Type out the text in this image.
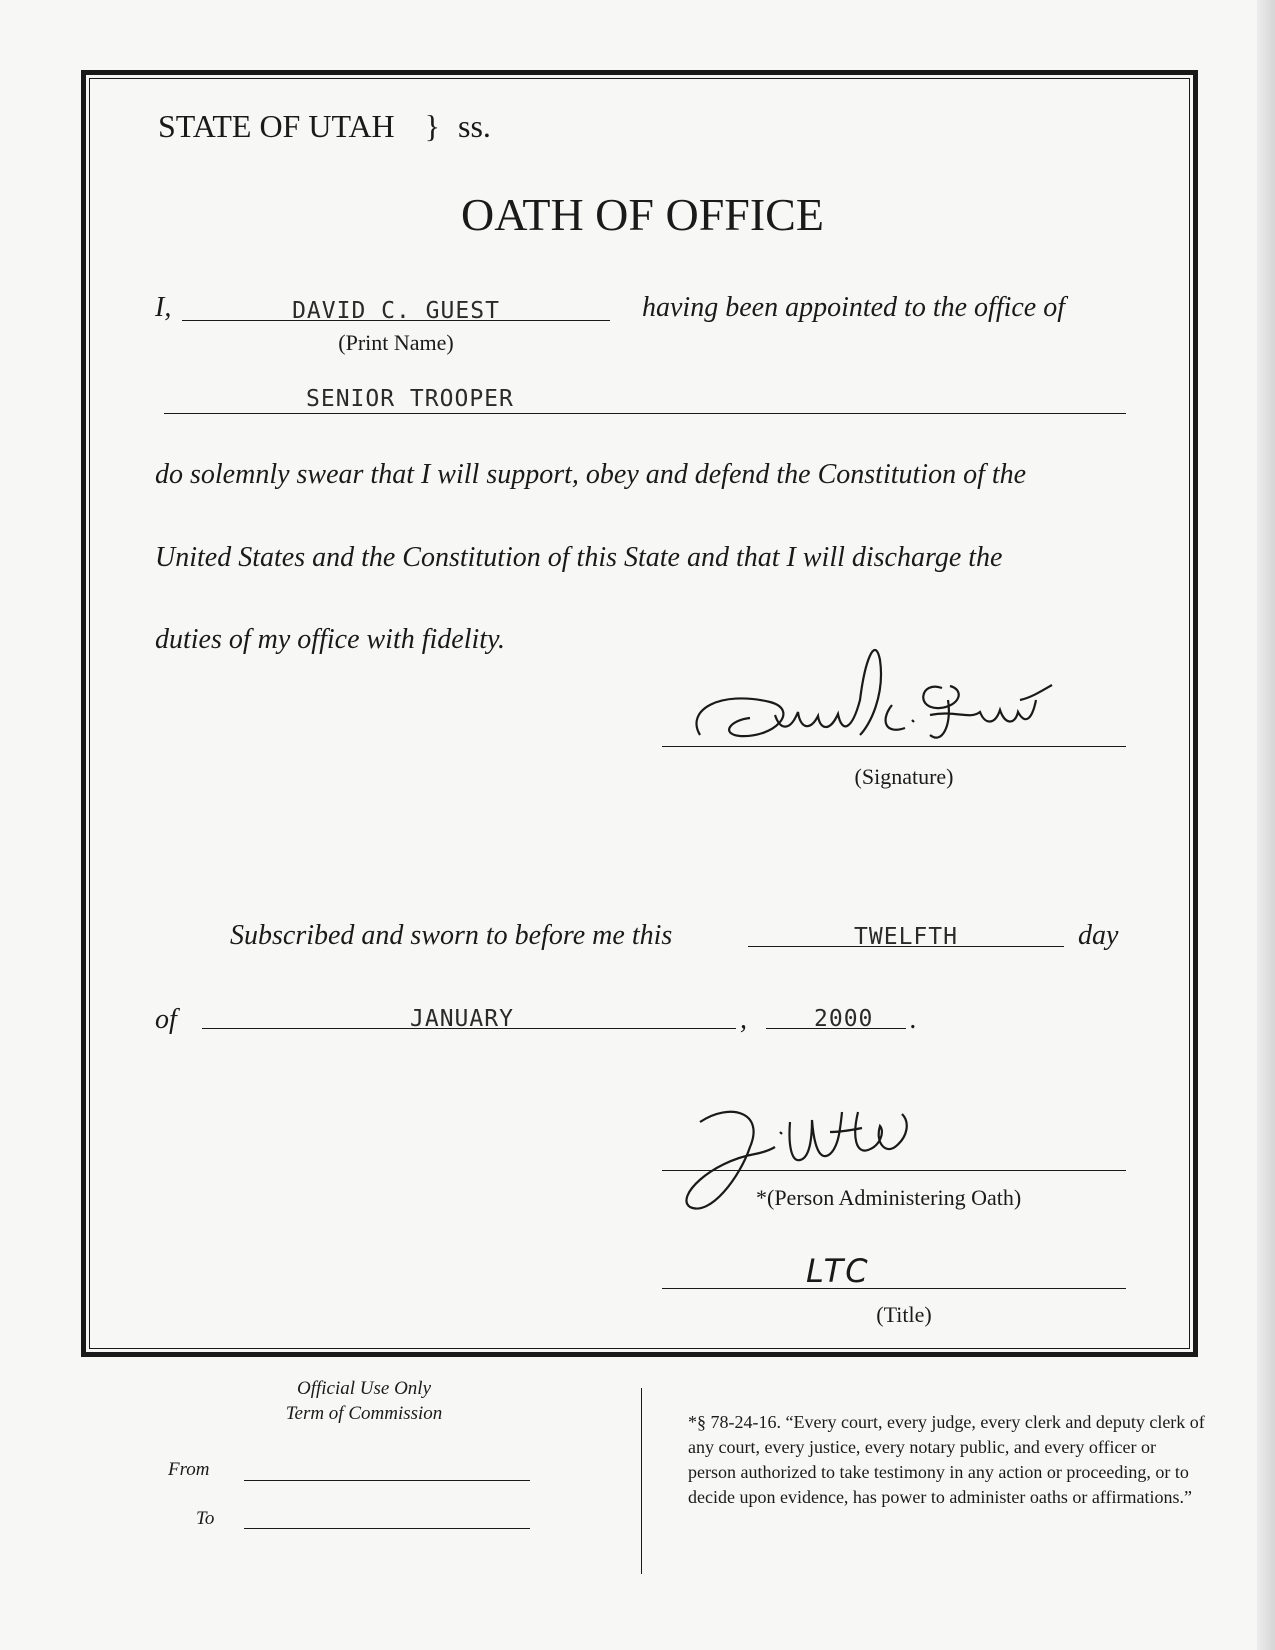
STATE OF UTAH } ss.
OATH OF OFFICE
I,	DAVID C. GUEST
(Print Name)
having been appointed to the office of
SENIOR TROOPER
do solemnly swear that I will support, obey and defend the Constitution of the
United States and the Constitution of this State and that I will discharge the
duties of my office with fidelity.
(Signature)
Subscribed and sworn to before me this	TWELFTH	day
of	JANUARY	,	2000 .
*(Person Administering Oath)
LTC
(Title)
Official Use Only
Term of Commission
From
To
*§ 78-24-16. “Every court, every judge, every clerk and deputy clerk of any court, every justice, every notary public, and every officer or person authorized to take testimony in any action or proceeding, or to decide upon evidence, has power to administer oaths or affirmations.”
